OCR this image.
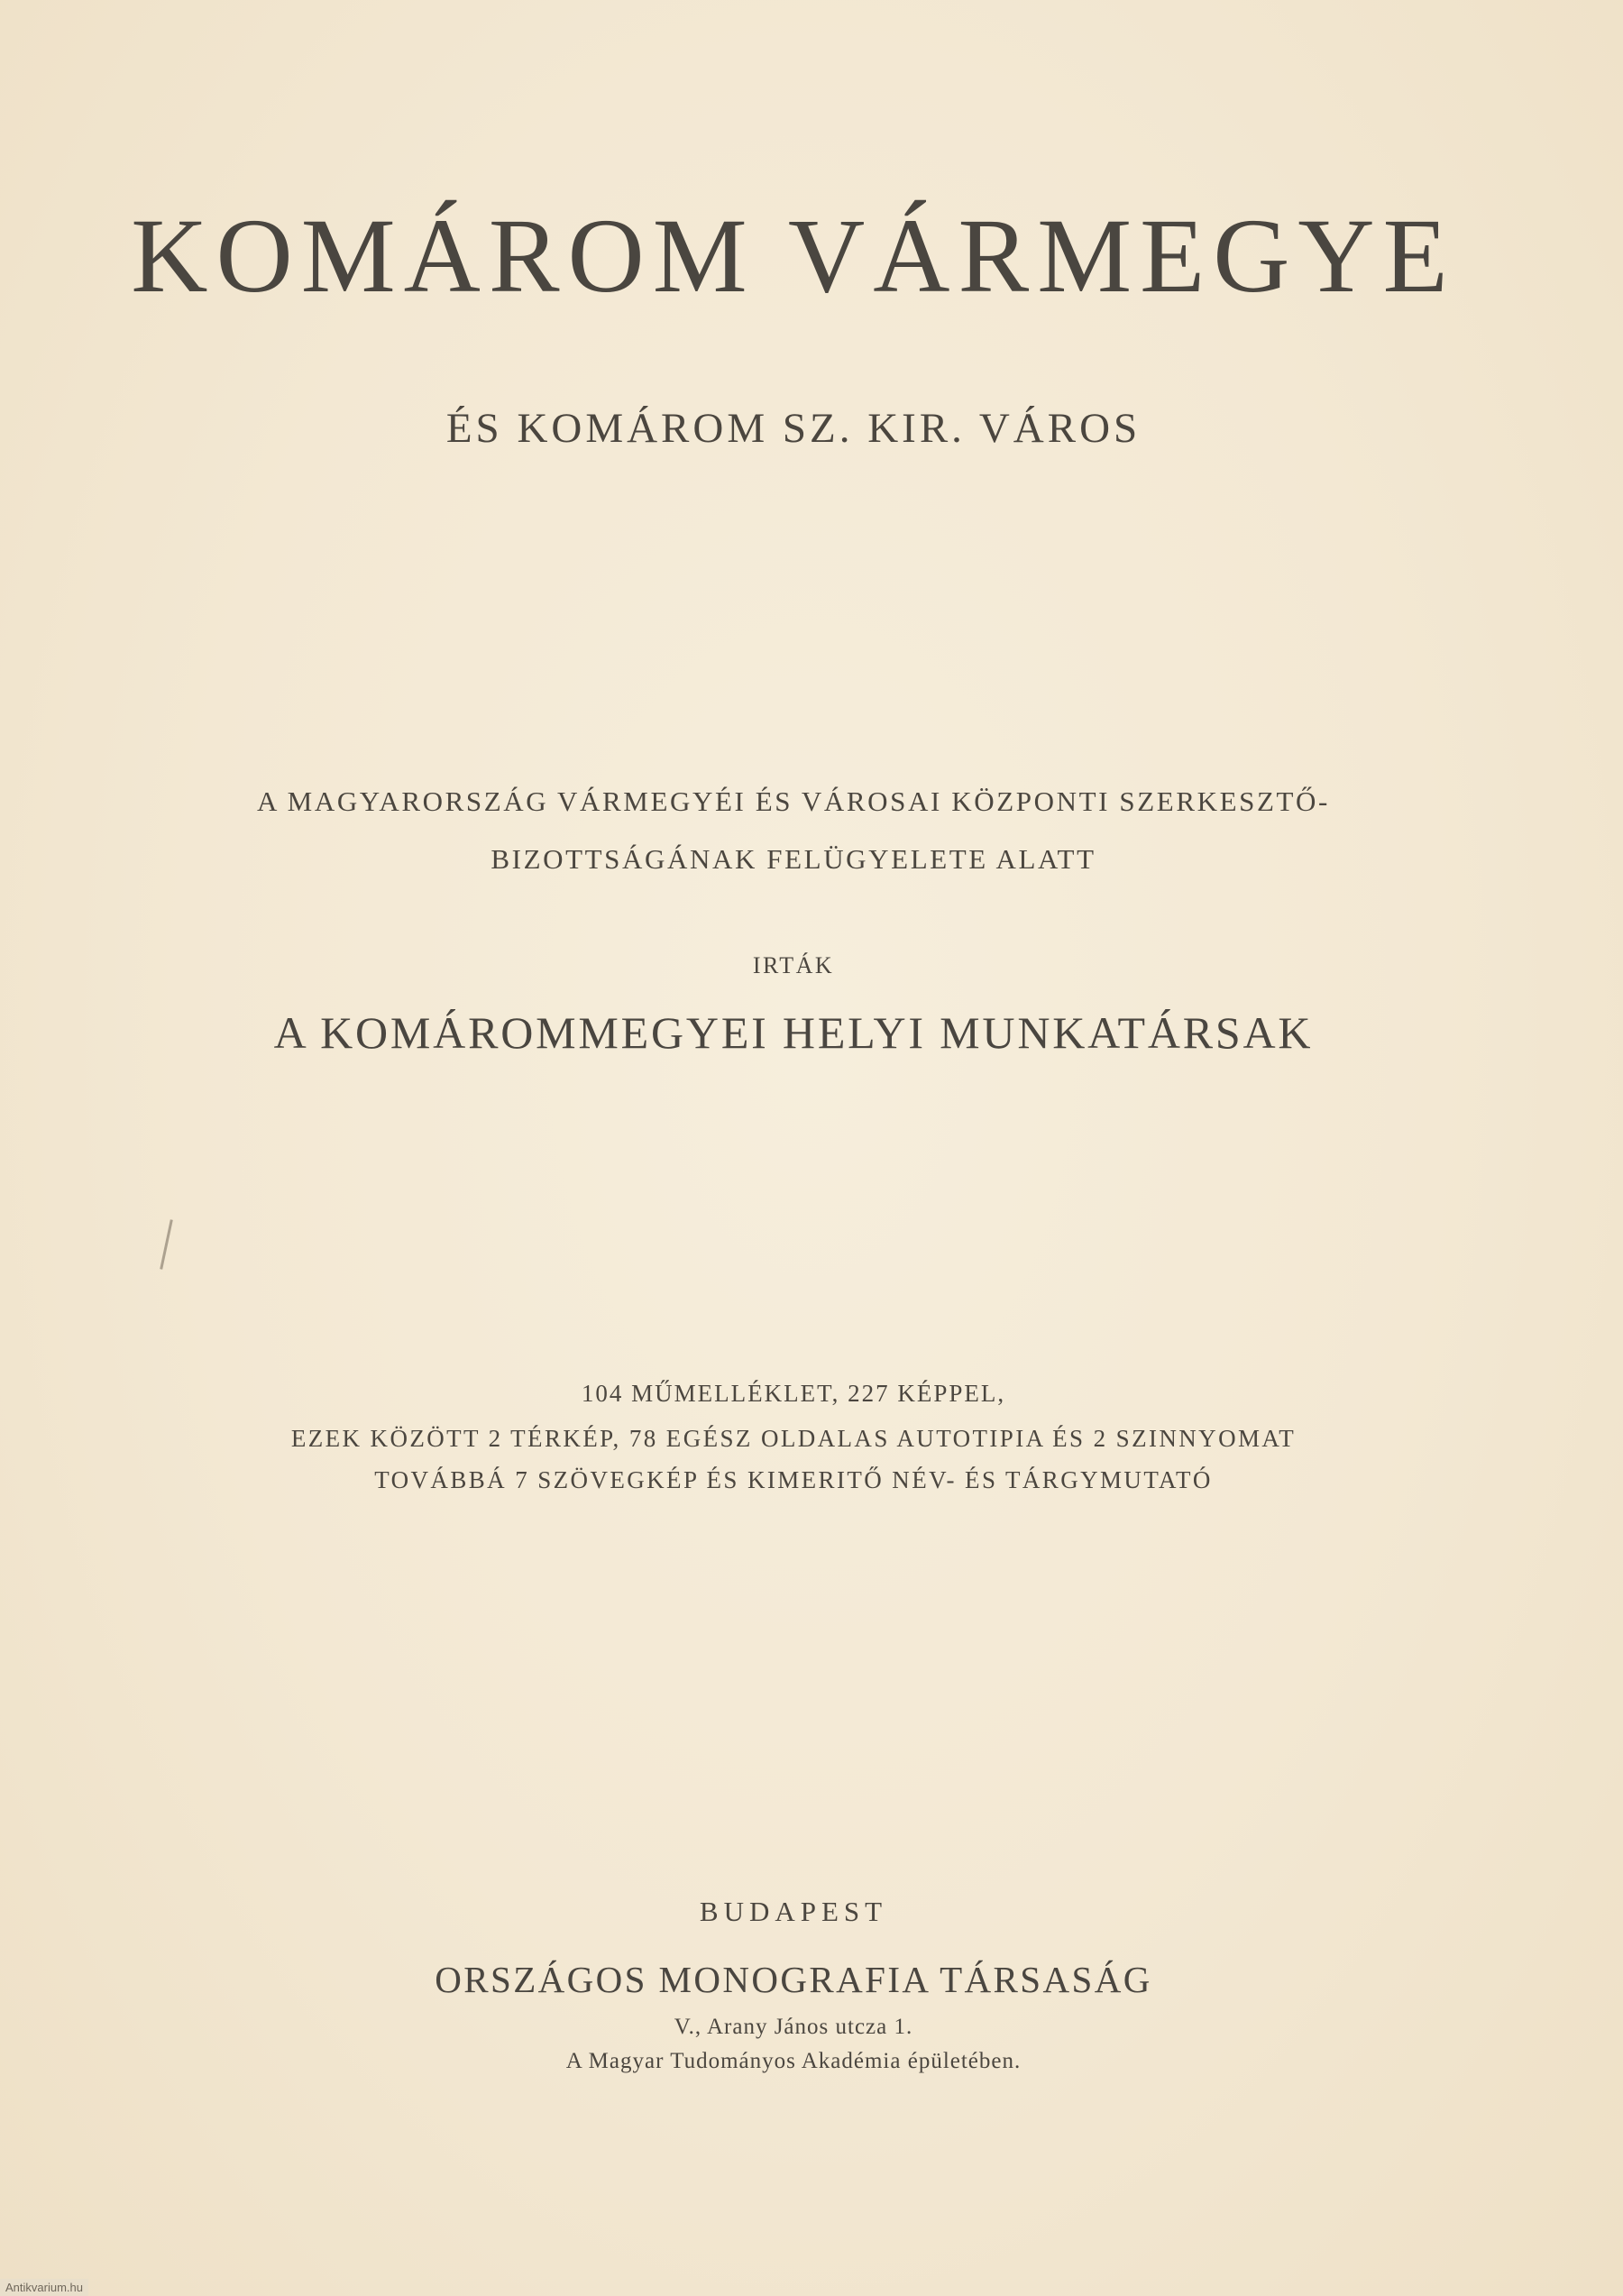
KOMÁROM VÁRMEGYE
ÉS KOMÁROM SZ. KIR. VÁROS
A MAGYARORSZÁG VÁRMEGYÉI ÉS VÁROSAI KÖZPONTI SZERKESZTŐ-
BIZOTTSÁGÁNAK FELÜGYELETE ALATT
IRTÁK
A KOMÁROMMEGYEI HELYI MUNKATÁRSAK
104 MŰMELLÉKLET, 227 KÉPPEL,
EZEK KÖZÖTT 2 TÉRKÉP, 78 EGÉSZ OLDALAS AUTOTIPIA ÉS 2 SZINNYOMAT
TOVÁBBÁ 7 SZÖVEGKÉP ÉS KIMERITŐ NÉV- ÉS TÁRGYMUTATÓ
BUDAPEST
ORSZÁGOS MONOGRAFIA TÁRSASÁG
V., Arany János utcza 1.
A Magyar Tudományos Akadémia épületében.
Antikvarium.hu
